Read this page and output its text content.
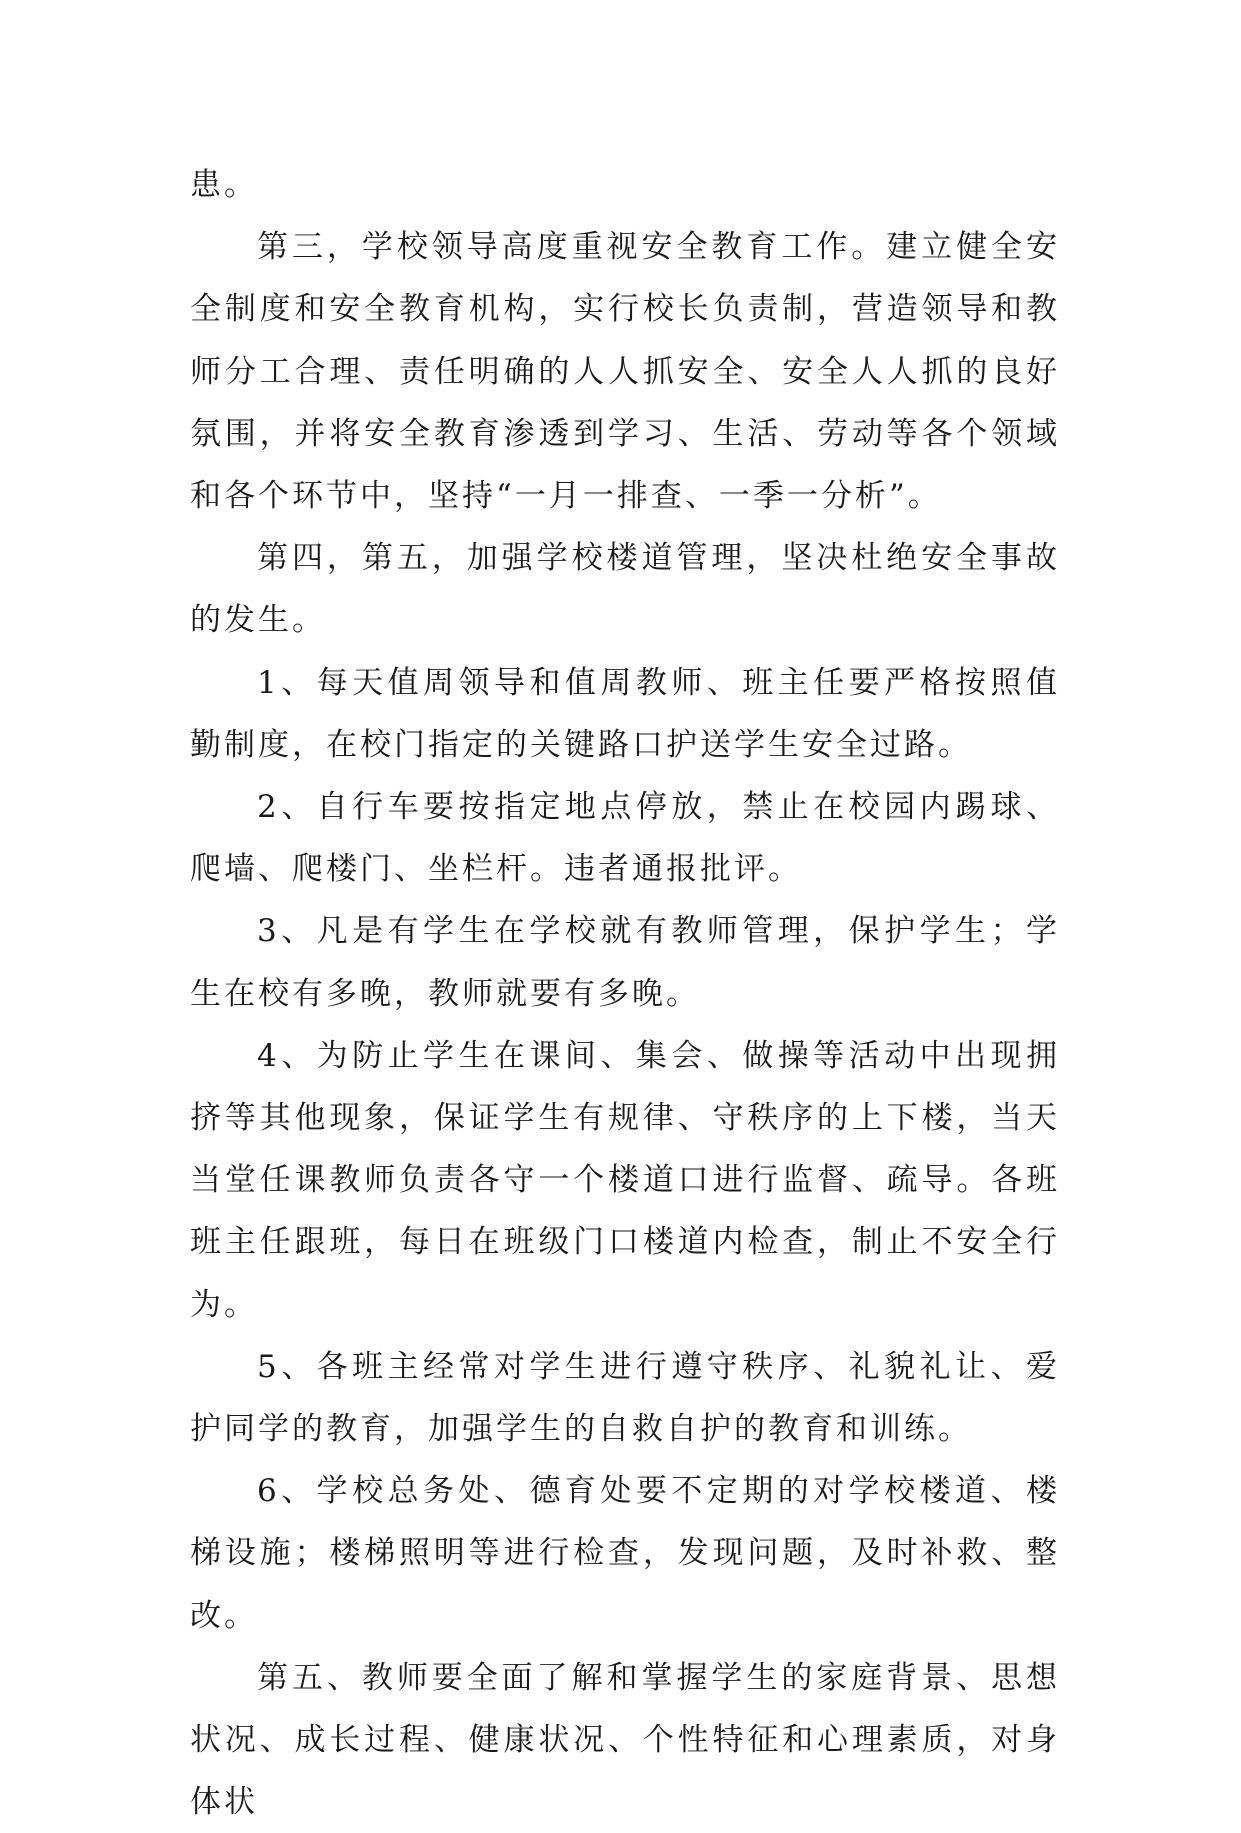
患。

第三，学校领导高度重视安全教育工作。建立健全安全制度和安全教育机构，实行校长负责制，营造领导和教师分工合理、责任明确的人人抓安全、安全人人抓的良好氛围，并将安全教育渗透到学习、生活、劳动等各个领域和各个环节中，坚持“一月一排查、一季一分析”。

第四，第五，加强学校楼道管理，坚决杜绝安全事故的发生。

1、每天值周领导和值周教师、班主任要严格按照值勤制度，在校门指定的关键路口护送学生安全过路。

2、自行车要按指定地点停放，禁止在校园内踢球、爬墙、爬楼门、坐栏杆。违者通报批评。

3、凡是有学生在学校就有教师管理，保护学生；学生在校有多晚，教师就要有多晚。

4、为防止学生在课间、集会、做操等活动中出现拥挤等其他现象，保证学生有规律、守秩序的上下楼，当天当堂任课教师负责各守一个楼道口进行监督、疏导。各班班主任跟班，每日在班级门口楼道内检查，制止不安全行为。

5、各班主经常对学生进行遵守秩序、礼貌礼让、爱护同学的教育，加强学生的自救自护的教育和训练。

6、学校总务处、德育处要不定期的对学校楼道、楼梯设施；楼梯照明等进行检查，发现问题，及时补救、整改。

第五、教师要全面了解和掌握学生的家庭背景、思想状况、成长过程、健康状况、个性特征和心理素质，对身体状
